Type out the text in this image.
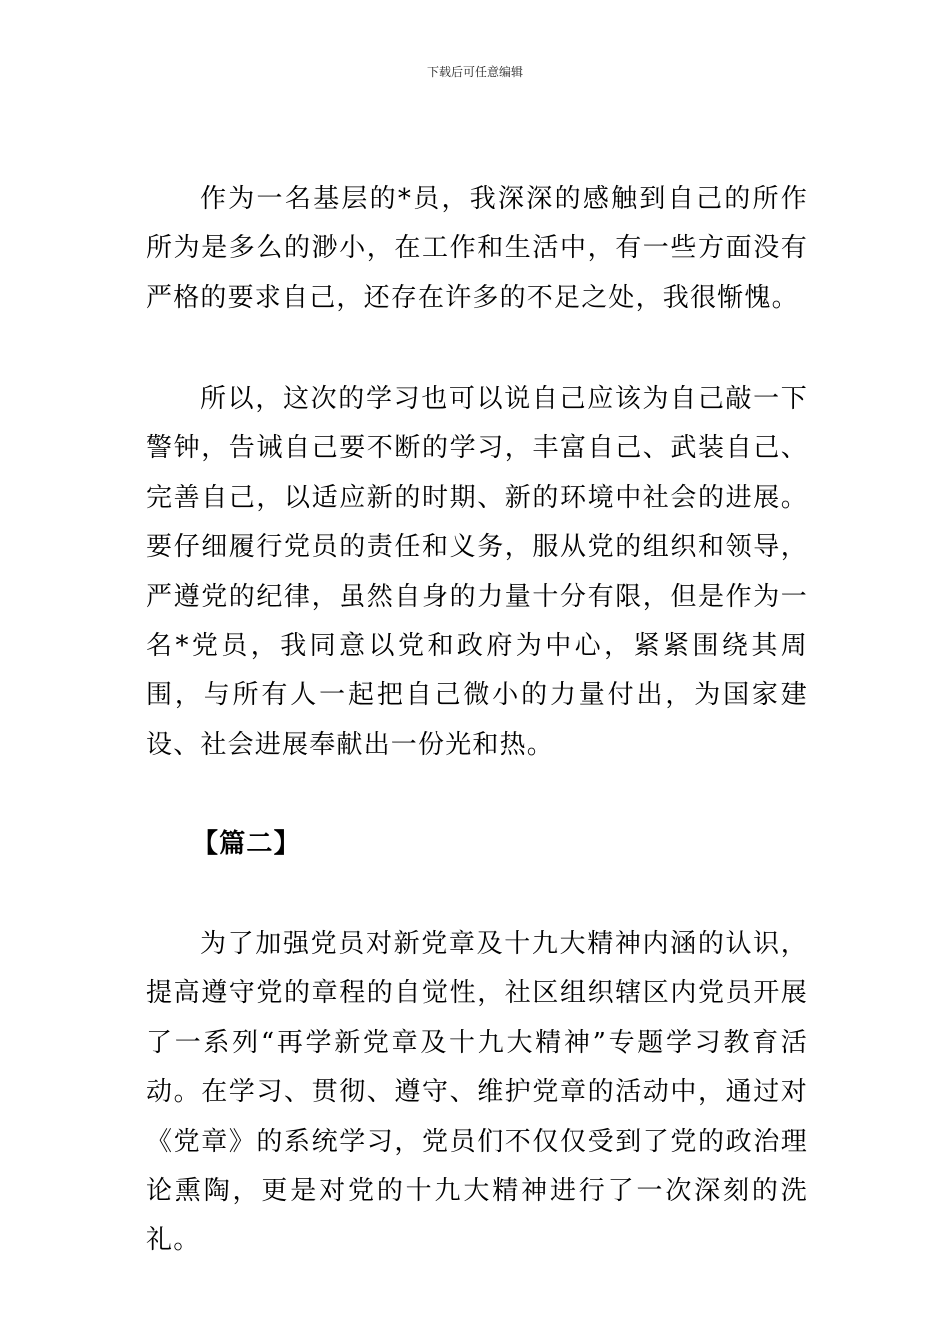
下载后可任意编辑

作为一名基层的*员，我深深的感触到自己的所作所为是多么的渺小，在工作和生活中，有一些方面没有严格的要求自己，还存在许多的不足之处，我很惭愧。

所以，这次的学习也可以说自己应该为自己敲一下警钟，告诫自己要不断的学习，丰富自己、武装自己、完善自己，以适应新的时期、新的环境中社会的进展。要仔细履行党员的责任和义务，服从党的组织和领导，严遵党的纪律，虽然自身的力量十分有限，但是作为一名*党员，我同意以党和政府为中心，紧紧围绕其周围，与所有人一起把自己微小的力量付出，为国家建设、社会进展奉献出一份光和热。

【篇二】

为了加强党员对新党章及十九大精神内涵的认识，提高遵守党的章程的自觉性，社区组织辖区内党员开展了一系列“再学新党章及十九大精神”专题学习教育活动。在学习、贯彻、遵守、维护党章的活动中，通过对《党章》的系统学习，党员们不仅仅受到了党的政治理论熏陶，更是对党的十九大精神进行了一次深刻的洗礼。
